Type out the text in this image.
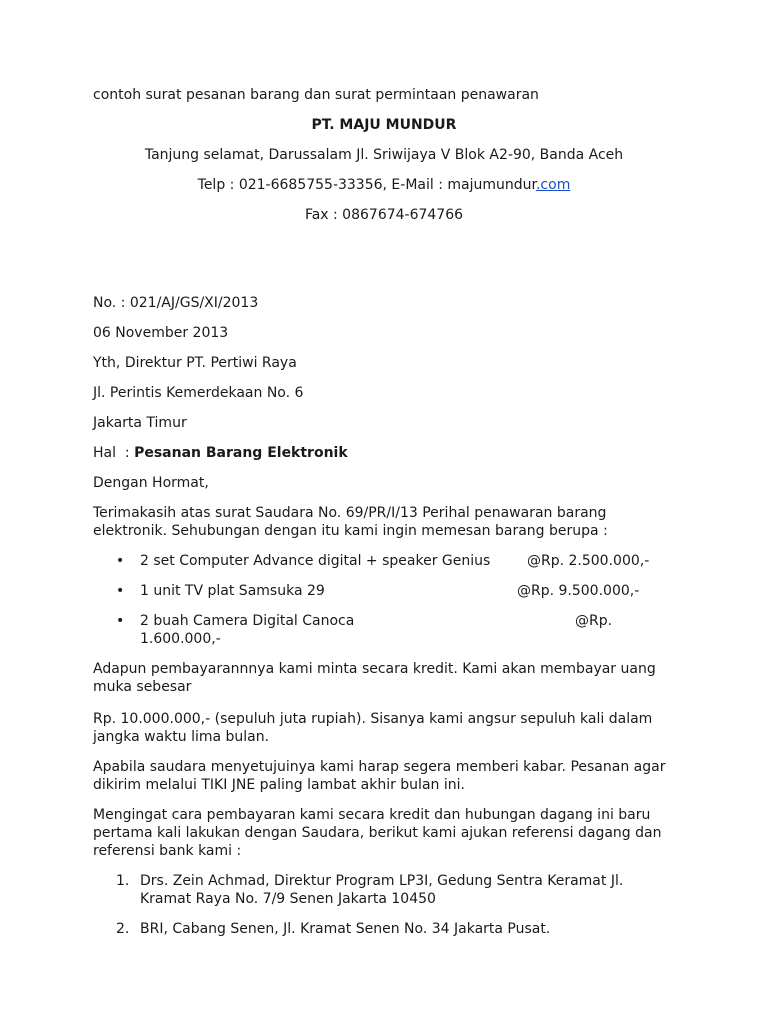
contoh surat pesanan barang dan surat permintaan penawaran
PT. MAJU MUNDUR
Tanjung selamat, Darussalam Jl. Sriwijaya V Blok A2-90, Banda Aceh
Telp : 021-6685755-33356, E-Mail : majumundur.com
Fax : 0867674-674766
No. : 021/AJ/GS/XI/2013
06 November 2013
Yth, Direktur PT. Pertiwi Raya
Jl. Perintis Kemerdekaan No. 6
Jakarta Timur
Hal  : Pesanan Barang Elektronik
Dengan Hormat,
Terimakasih atas surat Saudara No. 69/PR/I/13 Perihal penawaran barang
elektronik. Sehubungan dengan itu kami ingin memesan barang berupa :
• 2 set Computer Advance digital + speaker Genius	@Rp. 2.500.000,-
• 1 unit TV plat Samsuka 29	@Rp. 9.500.000,-
• 2 buah Camera Digital Canoca	@Rp.
1.600.000,-
Adapun pembayarannnya kami minta secara kredit. Kami akan membayar uang
muka sebesar
Rp. 10.000.000,- (sepuluh juta rupiah). Sisanya kami angsur sepuluh kali dalam
jangka waktu lima bulan.
Apabila saudara menyetujuinya kami harap segera memberi kabar. Pesanan agar
dikirim melalui TIKI JNE paling lambat akhir bulan ini.
Mengingat cara pembayaran kami secara kredit dan hubungan dagang ini baru
pertama kali lakukan dengan Saudara, berikut kami ajukan referensi dagang dan
referensi bank kami :
1. Drs. Zein Achmad, Direktur Program LP3I, Gedung Sentra Keramat Jl.
Kramat Raya No. 7/9 Senen Jakarta 10450
2. BRI, Cabang Senen, Jl. Kramat Senen No. 34 Jakarta Pusat.
